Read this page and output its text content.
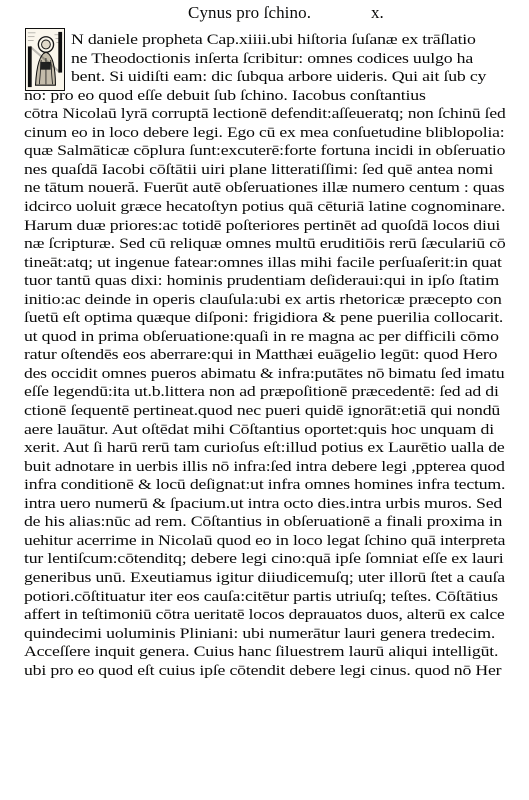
Cynus pro ſchino.	x.
N daniele propheta Cap.xiiii.ubi hiſtoria ſuſanæ ex trāſlatio
ne Theodoctionis inſerta ſcribitur: omnes codices uulgo ha
bent. Si uidiſti eam: dic ſubqua arbore uideris. Qui ait ſub cy
no: pro eo quod eſſe debuit ſub ſchino. Iacobus conſtantius
cōtra Nicolaū lyrā corruptā lectionē defendit:aſſeueratq; non ſchinū ſed
cinum eo in loco debere legi. Ego cū ex mea conſuetudine bliblopolia:
quæ Salmāticæ cōplura ſunt:excuterē:forte fortuna incidi in obſeruatio
nes quaſdā Iacobi cōſtātii uiri plane litteratiſſimi: ſed quē antea nomi
ne tātum noueră. Fuerūt autē obſeruationes illæ numero centum : quas
idcirco uoluit græce hecatoſtyn potius quā cēturiā latine cognominare.
Harum duæ priores:ac totidē poſteriores pertinēt ad quoſdā locos diui
næ ſcripturæ. Sed cū reliquæ omnes multū eruditiōis rerū ſæculariū cō
tineāt:atq; ut ingenue fatear:omnes illas mihi facile perſuaſerit:in quat
tuor tantū quas dixi: hominis prudentiam deſideraui:qui in ipſo ſtatim
initio:ac deinde in operis clauſula:ubi ex artis rhetoricæ præcepto con
ſuetū eſt optima quæque diſponi: frigidiora & pene puerilia collocarit.
ut quod in prima obſeruatione:quaſi in re magna ac per difficili cōmo
ratur oſtendēs eos aberrare:qui in Matthæi euāgelio legūt: quod Hero
des occidit omnes pueros abimatu & infra:putātes nō bimatu ſed imatu
eſſe legendū:ita ut.b.littera non ad præpoſitionē præcedentē: ſed ad di
ctionē ſequentē pertineat.quod nec pueri quidē ignorāt:etiā qui nondū
aere lauātur. Aut oſtēdat mihi Cōſtantius oportet:quis hoc unquam di
xerit. Aut ſi harū rerū tam curioſus eſt:illud potius ex Laurētio ualla de
buit adnotare in uerbis illis nō infra:ſed intra debere legi ,ppterea quod
infra conditionē & locū deſignat:ut infra omnes homines infra tectum.
intra uero numerū & ſpacium.ut intra octo dies.intra urbis muros. Sed
de his alias:nūc ad rem. Cōſtantius in obſeruationē a finali proxima in
uehitur acerrime in Nicolaū quod eo in loco legat ſchino quā interpreta
tur lentiſcum:cōtenditq; debere legi cino:quā ipſe ſomniat eſſe ex lauri
generibus unū. Exeutiamus igitur diiudicemuſq; uter illorū ſtet a cauſa
potiori.cōſtituatur iter eos cauſa:citētur partis utriuſq; teſtes. Cōſtātius
affert in teſtimoniū cōtra ueritatē locos deprauatos duos, alterū ex calce
quindecimi uoluminis Pliniani: ubi numerātur lauri genera tredecim.
Acceſſere inquit genera. Cuius hanc ſiluestrem laurū aliqui intelligūt.
ubi pro eo quod eſt cuius ipſe cōtendit debere legi cinus. quod nō Her
